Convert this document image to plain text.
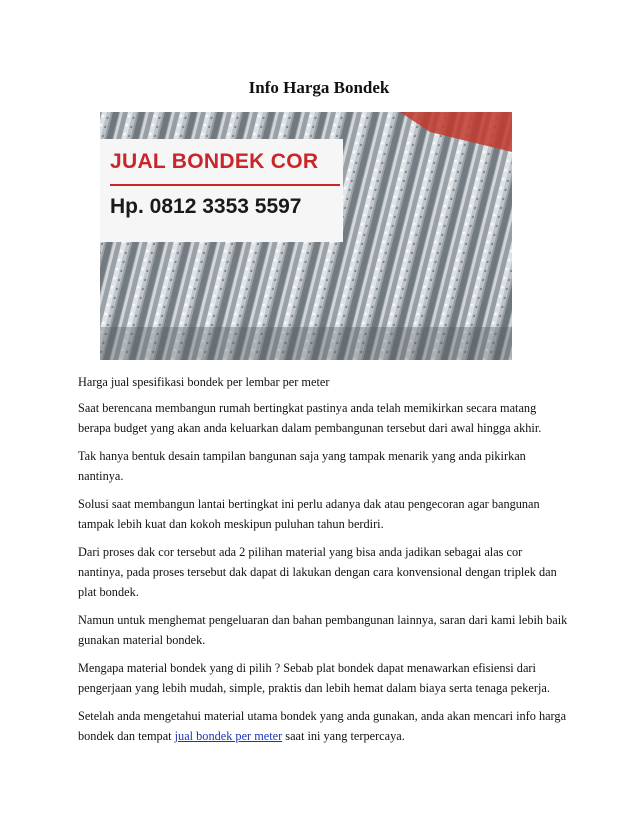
Info Harga Bondek
JUAL BONDEK COR
Hp. 0812 3353 5597

Harga jual spesifikasi bondek per lembar per meter

Saat berencana membangun rumah bertingkat pastinya anda telah memikirkan secara matang berapa budget yang akan anda keluarkan dalam pembangunan tersebut dari awal hingga akhir.

Tak hanya bentuk desain tampilan bangunan saja yang tampak menarik yang anda pikirkan nantinya.

Solusi saat membangun lantai bertingkat ini perlu adanya dak atau pengecoran agar bangunan tampak lebih kuat dan kokoh meskipun puluhan tahun berdiri.

Dari proses dak cor tersebut ada 2 pilihan material yang bisa anda jadikan sebagai alas cor nantinya, pada proses tersebut dak dapat di lakukan dengan cara konvensional dengan triplek dan plat bondek.

Namun untuk menghemat pengeluaran dan bahan pembangunan lainnya, saran dari kami lebih baik gunakan material bondek.

Mengapa material bondek yang di pilih ? Sebab plat bondek dapat menawarkan efisiensi dari pengerjaan yang lebih mudah, simple, praktis dan lebih hemat dalam biaya serta tenaga pekerja.

Setelah anda mengetahui material utama bondek yang anda gunakan, anda akan mencari info harga bondek dan tempat jual bondek per meter saat ini yang terpercaya.
